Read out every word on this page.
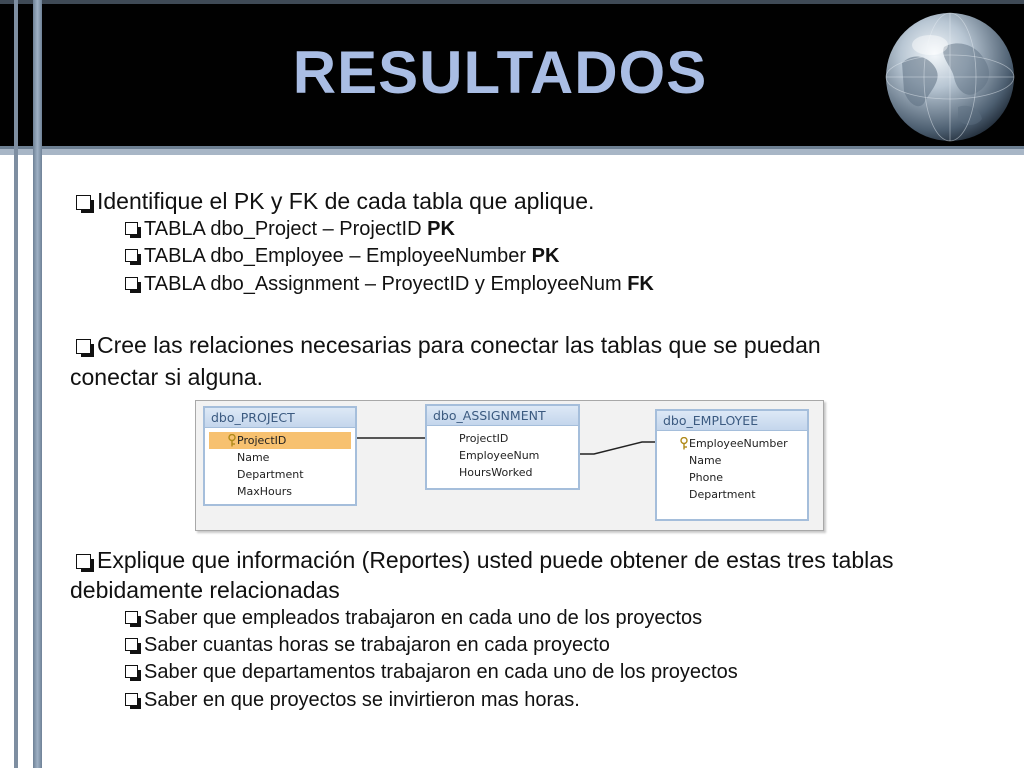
RESULTADOS
Identifique el PK y FK de cada tabla que aplique.
TABLA dbo_Project – ProjectID PK
TABLA dbo_Employee – EmployeeNumber PK
TABLA dbo_Assignment – ProyectID y EmployeeNum FK
Cree las relaciones necesarias para conectar las tablas que se puedan
conectar si alguna.
dbo_PROJECT
ProjectID
Name
Department
MaxHours
dbo_ASSIGNMENT
ProjectID
EmployeeNum
HoursWorked
dbo_EMPLOYEE
EmployeeNumber
Name
Phone
Department
Explique que información (Reportes) usted puede obtener de estas tres tablas
debidamente relacionadas
Saber que empleados trabajaron en cada uno de los proyectos
Saber cuantas horas se trabajaron en cada proyecto
Saber que departamentos trabajaron en cada uno de los proyectos
Saber en que proyectos se invirtieron mas horas.
